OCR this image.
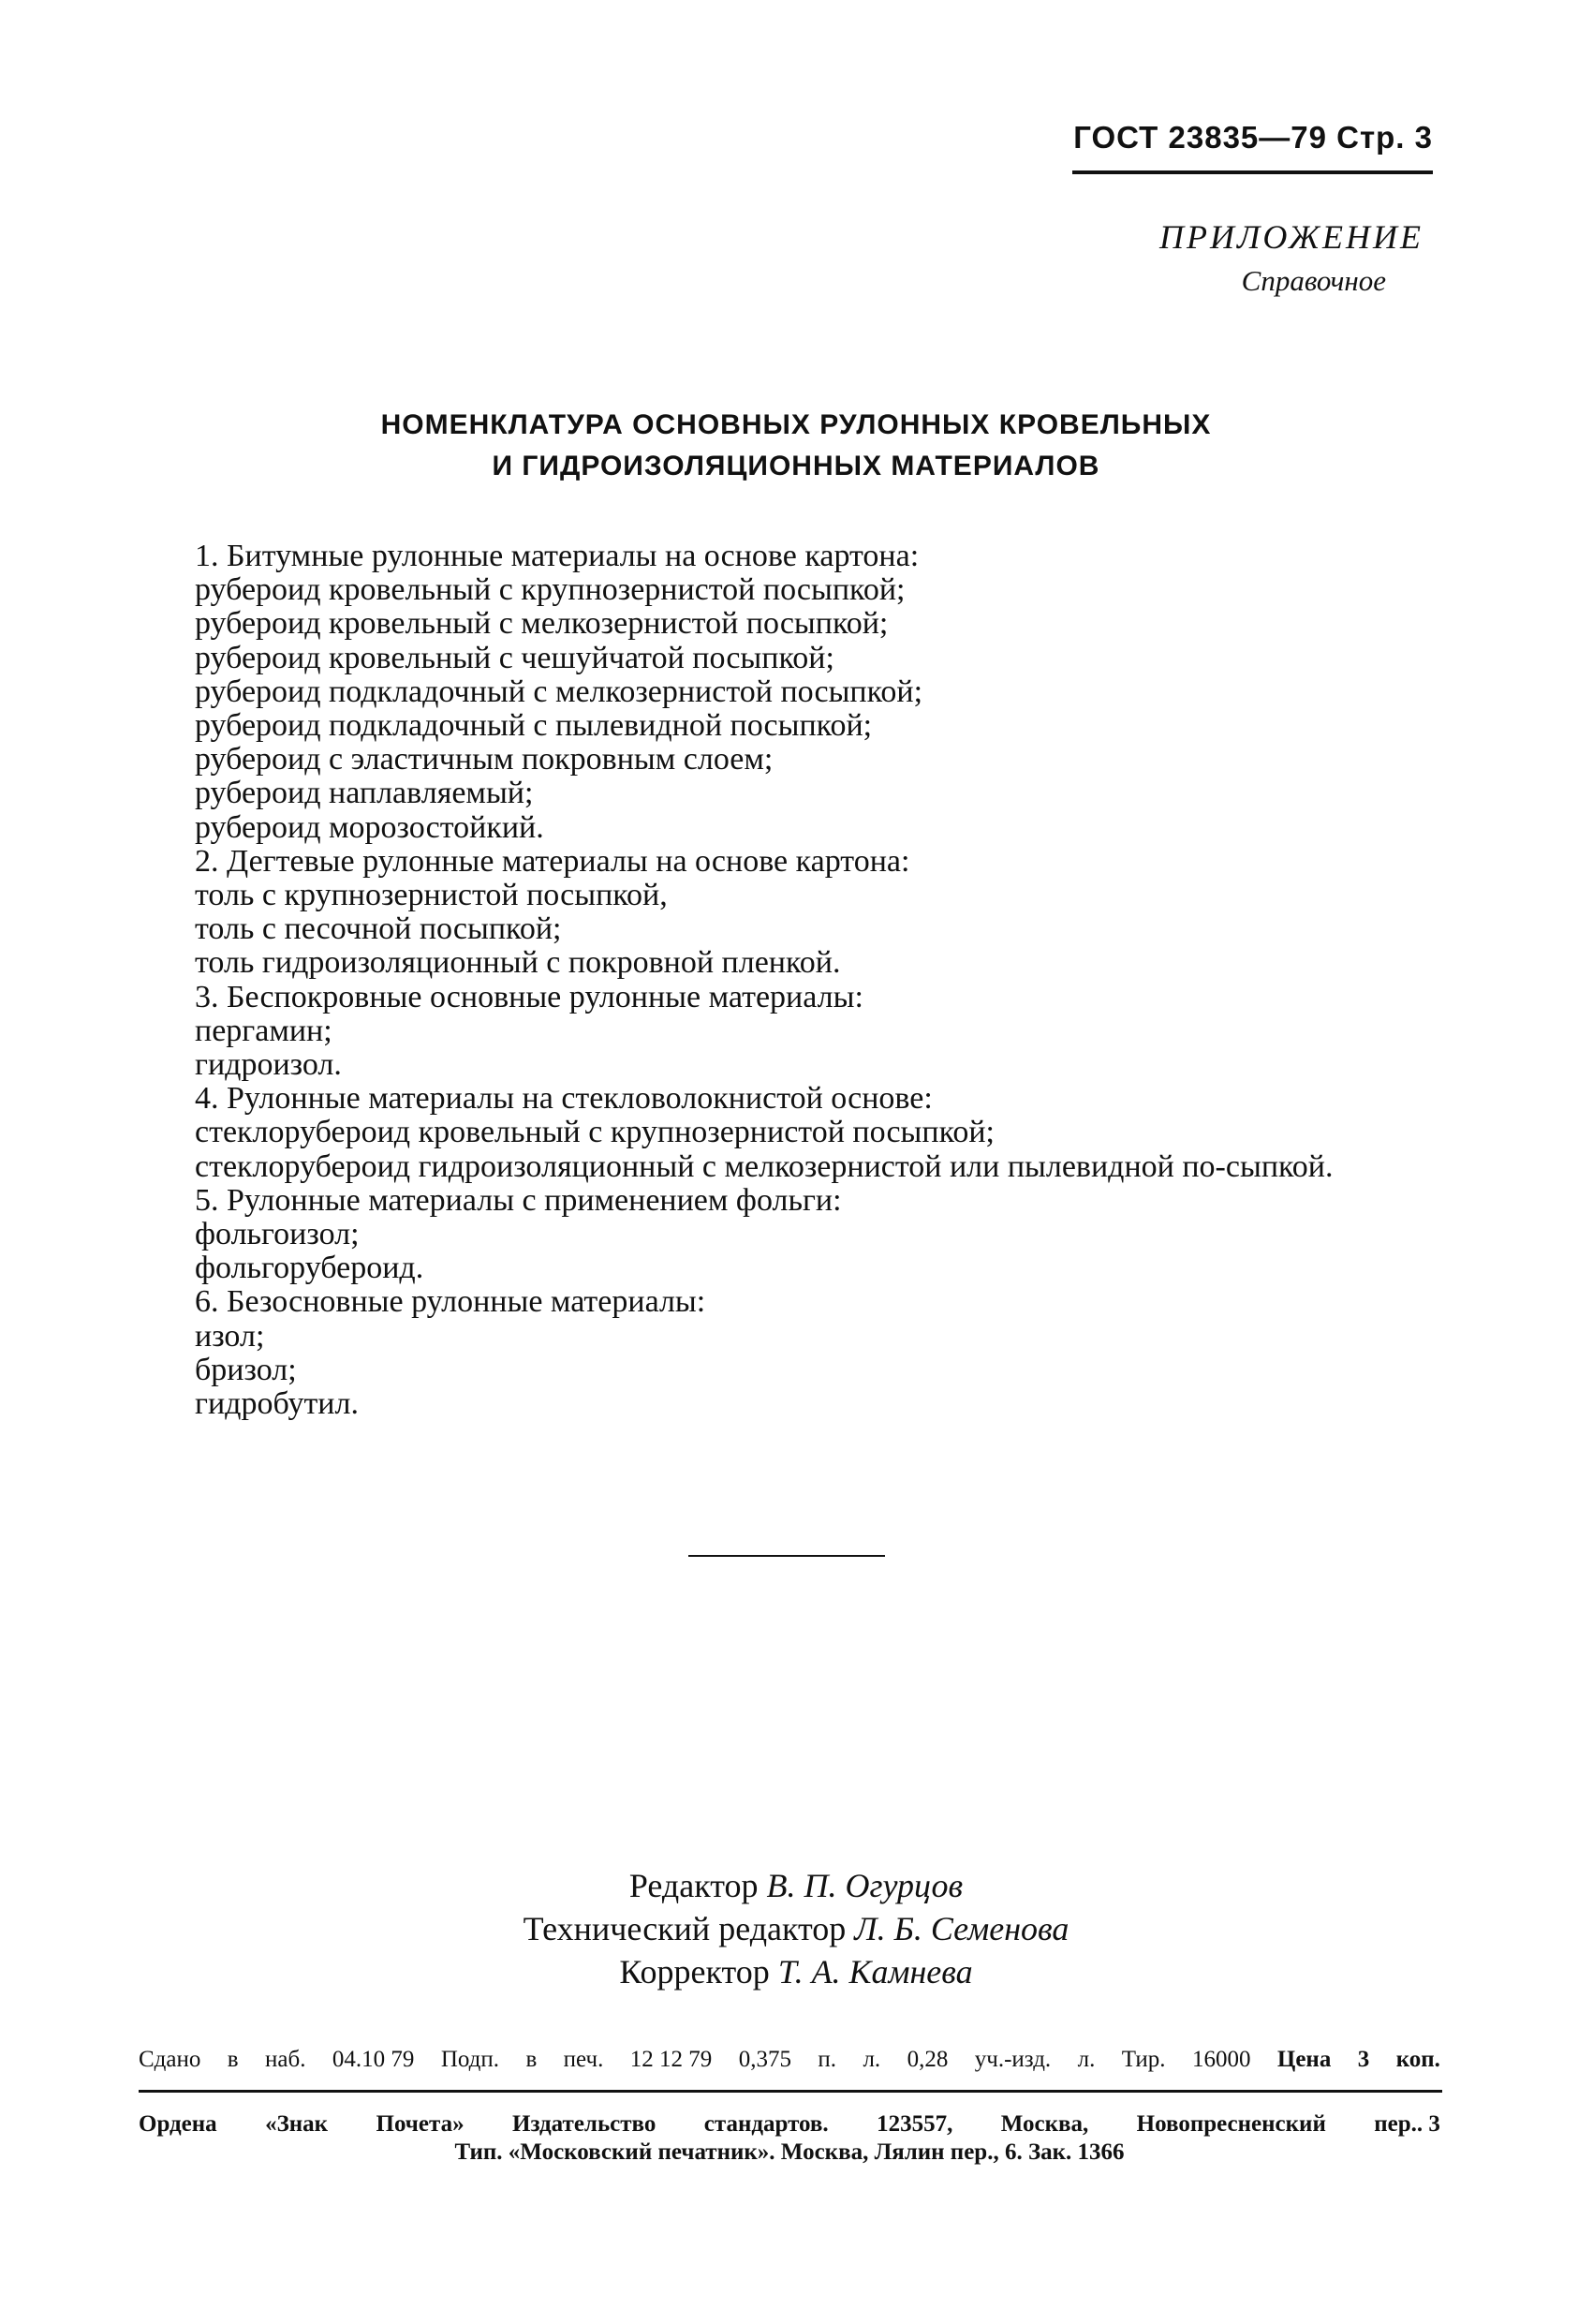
ГОСТ 23835—79 Стр. 3
ПРИЛОЖЕНИЕ
Справочное
НОМЕНКЛАТУРА ОСНОВНЫХ РУЛОННЫХ КРОВЕЛЬНЫХ
И ГИДРОИЗОЛЯЦИОННЫХ МАТЕРИАЛОВ
1. Битумные рулонные материалы на основе картона:
рубероид кровельный с крупнозернистой посыпкой;
рубероид кровельный с мелкозернистой посыпкой;
рубероид кровельный с чешуйчатой посыпкой;
рубероид подкладочный с мелкозернистой посыпкой;
рубероид подкладочный с пылевидной посыпкой;
рубероид с эластичным покровным слоем;
рубероид наплавляемый;
рубероид морозостойкий.
2. Дегтевые рулонные материалы на основе картона:
толь с крупнозернистой посыпкой,
толь с песочной посыпкой;
толь гидроизоляционный с покровной пленкой.
3. Беспокровные основные рулонные материалы:
пергамин;
гидроизол.
4. Рулонные материалы на стекловолокнистой основе:
стеклорубероид кровельный с крупнозернистой посыпкой;
стеклорубероид гидроизоляционный с мелкозернистой или пылевидной по-сыпкой.
5. Рулонные материалы с применением фольги:
фольгоизол;
фольгорубероид.
6. Безосновные рулонные материалы:
изол;
бризол;
гидробутил.
Редактор В. П. Огурцов
Технический редактор Л. Б. Семенова
Корректор Т. А. Камнева
Сдано в наб. 04.10 79 Подп. в печ. 12 12 79 0,375 п. л. 0,28 уч.-изд. л. Тир. 16000 Цена 3 коп.
Ордена «Знак Почета» Издательство стандартов. 123557, Москва, Новопресненский пер.. 3
Тип. «Московский печатник». Москва, Лялин пер., 6. Зак. 1366
